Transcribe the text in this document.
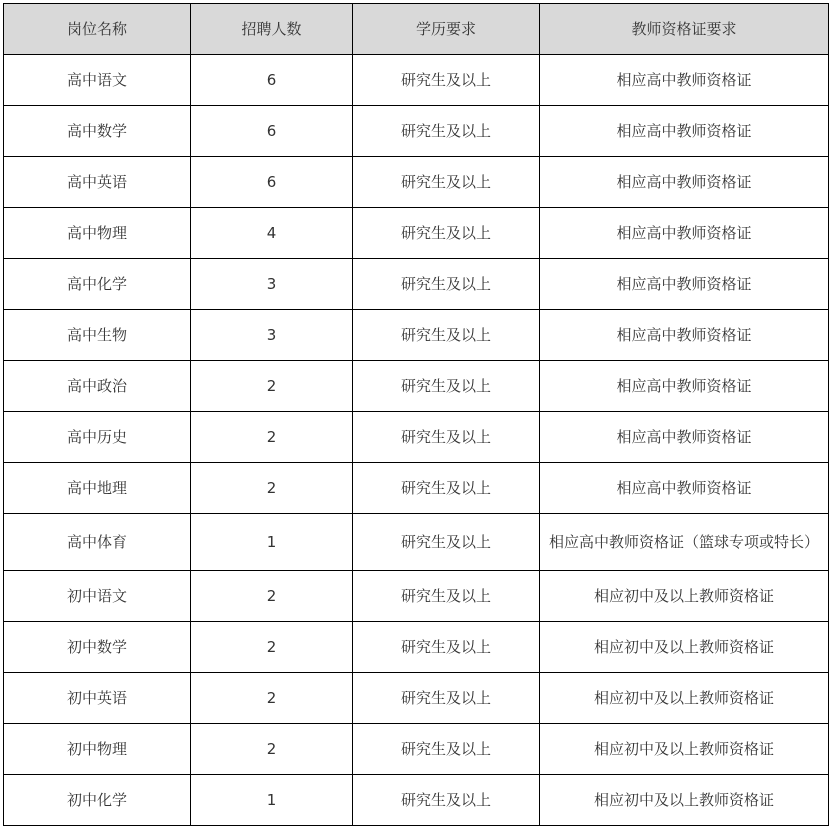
岗位名称	招聘人数	学历要求	教师资格证要求
高中语文	6	研究生及以上	相应高中教师资格证
高中数学	6	研究生及以上	相应高中教师资格证
高中英语	6	研究生及以上	相应高中教师资格证
高中物理	4	研究生及以上	相应高中教师资格证
高中化学	3	研究生及以上	相应高中教师资格证
高中生物	3	研究生及以上	相应高中教师资格证
高中政治	2	研究生及以上	相应高中教师资格证
高中历史	2	研究生及以上	相应高中教师资格证
高中地理	2	研究生及以上	相应高中教师资格证
高中体育	1	研究生及以上	相应高中教师资格证（篮球专项或特长）
初中语文	2	研究生及以上	相应初中及以上教师资格证
初中数学	2	研究生及以上	相应初中及以上教师资格证
初中英语	2	研究生及以上	相应初中及以上教师资格证
初中物理	2	研究生及以上	相应初中及以上教师资格证
初中化学	1	研究生及以上	相应初中及以上教师资格证
